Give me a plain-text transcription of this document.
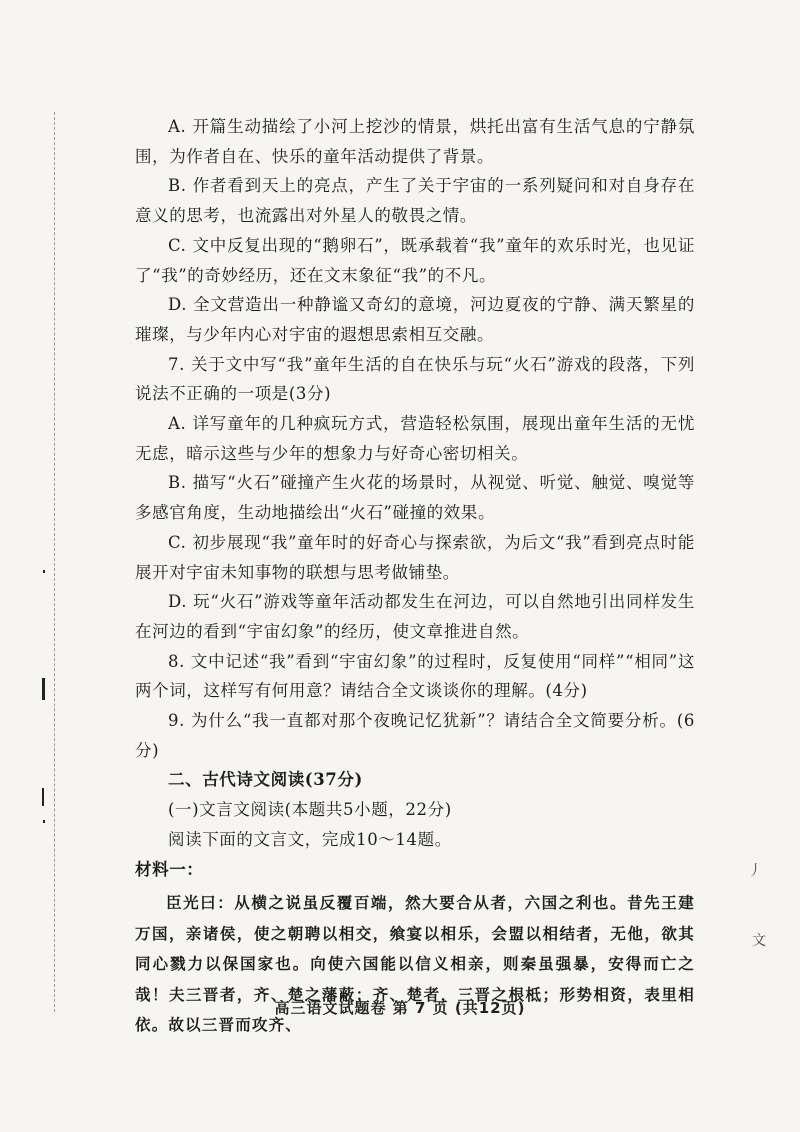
丿
文

A. 开篇生动描绘了小河上挖沙的情景，烘托出富有生活气息的宁静氛围，为作者自在、快乐的童年活动提供了背景。

B. 作者看到天上的亮点，产生了关于宇宙的一系列疑问和对自身存在意义的思考，也流露出对外星人的敬畏之情。

C. 文中反复出现的“鹅卵石”，既承载着“我”童年的欢乐时光，也见证了“我”的奇妙经历，还在文末象征“我”的不凡。

D. 全文营造出一种静谧又奇幻的意境，河边夏夜的宁静、满天繁星的璀璨，与少年内心对宇宙的遐想思索相互交融。

7. 关于文中写“我”童年生活的自在快乐与玩“火石”游戏的段落，下列说法不正确的一项是(3分)

A. 详写童年的几种疯玩方式，营造轻松氛围，展现出童年生活的无忧无虑，暗示这些与少年的想象力与好奇心密切相关。

B. 描写“火石”碰撞产生火花的场景时，从视觉、听觉、触觉、嗅觉等多感官角度，生动地描绘出“火石”碰撞的效果。

C. 初步展现“我”童年时的好奇心与探索欲，为后文“我”看到亮点时能展开对宇宙未知事物的联想与思考做铺垫。

D. 玩“火石”游戏等童年活动都发生在河边，可以自然地引出同样发生在河边的看到“宇宙幻象”的经历，使文章推进自然。

8. 文中记述“我”看到“宇宙幻象”的过程时，反复使用“同样”“相同”这两个词，这样写有何用意？请结合全文谈谈你的理解。(4分)

9. 为什么“我一直都对那个夜晚记忆犹新”？请结合全文简要分析。(6分)

二、古代诗文阅读(37分)

(一)文言文阅读(本题共5小题，22分)

阅读下面的文言文，完成10～14题。

材料一：

臣光曰：从横之说虽反覆百端，然大要合从者，六国之利也。昔先王建万国，亲诸侯，使之朝聘以相交，飨宴以相乐，会盟以相结者，无他，欲其同心戮力以保国家也。向使六国能以信义相亲，则秦虽强暴，安得而亡之哉！夫三晋者，齐、楚之藩蔽；齐、楚者，三晋之根柢；形势相资，表里相依。故以三晋而攻齐、

高三语文试题卷 第 7 页 (共12页)
